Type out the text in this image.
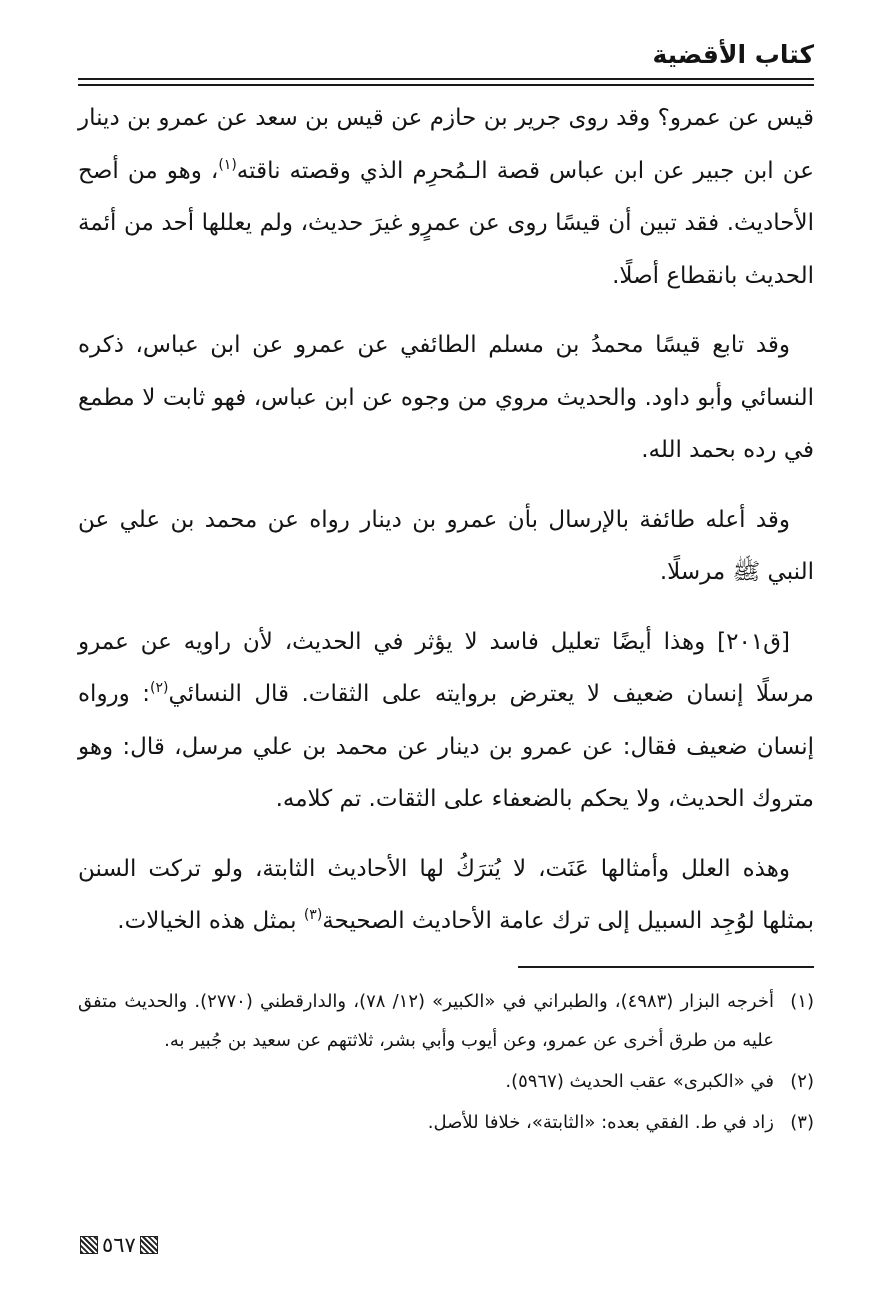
كتاب الأقضية

قيس عن عمرو؟ وقد روى جرير بن حازم عن قيس بن سعد عن عمرو بن دينار عن ابن جبير عن ابن عباس قصة الـمُحرِم الذي وقصته ناقته$^{(١)}$، وهو من أصح الأحاديث. فقد تبين أن قيسًا روى عن عمرٍو غيرَ حديث، ولم يعللها أحد من أئمة الحديث بانقطاع أصلًا.

وقد تابع قيسًا محمدُ بن مسلم الطائفي عن عمرو عن ابن عباس، ذكره النسائي وأبو داود. والحديث مروي من وجوه عن ابن عباس، فهو ثابت لا مطمع في رده بحمد الله.

وقد أعله طائفة بالإرسال بأن عمرو بن دينار رواه عن محمد بن علي عن النبي ﷺ مرسلًا.

[ق٢٠١] وهذا أيضًا تعليل فاسد لا يؤثر في الحديث، لأن راويه عن عمرو مرسلًا إنسان ضعيف لا يعترض بروايته على الثقات. قال النسائي$^{(٢)}$: ورواه إنسان ضعيف فقال: عن عمرو بن دينار عن محمد بن علي مرسل، قال: وهو متروك الحديث، ولا يحكم بالضعفاء على الثقات. تم كلامه.

وهذه العلل وأمثالها عَنَت، لا يُترَكُ لها الأحاديث الثابتة، ولو تركت السنن بمثلها لوُجِد السبيل إلى ترك عامة الأحاديث الصحيحة$^{(٣)}$ بمثل هذه الخيالات.

(١)
أخرجه البزار (٤٩٨٣)، والطبراني في «الكبير» (١٢/ ٧٨)، والدارقطني (٢٧٧٠). والحديث متفق عليه من طرق أخرى عن عمرو، وعن أيوب وأبي بشر، ثلاثتهم عن سعيد بن جُبير به.
(٢)
في «الكبرى» عقب الحديث (٥٩٦٧).
(٣)
زاد في ط. الفقي بعده: «الثابتة»، خلافا للأصل.
٥٦٧
